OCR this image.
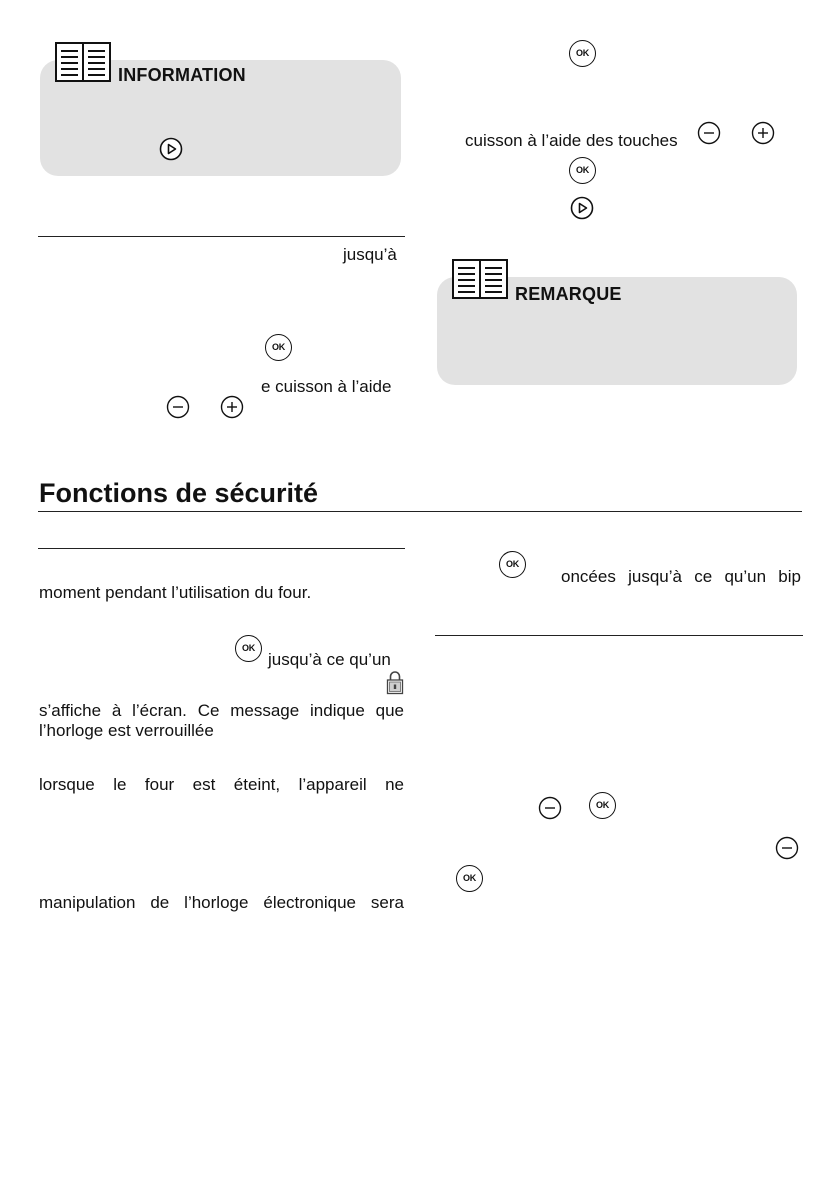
INFORMATION
jusqu’à
OK
e cuisson à l’aide
OK
cuisson à l’aide des touches
OK
REMARQUE
Fonctions de sécurité
moment pendant l’utilisation du four.
OK
jusqu’à ce qu’un
s’affiche à l’écran. Ce message indique que
l’horloge est verrouillée
lorsque le four est éteint, l’appareil ne
manipulation de l’horloge électronique sera
OK
oncées jusqu’à ce qu’un bip
OK
OK
